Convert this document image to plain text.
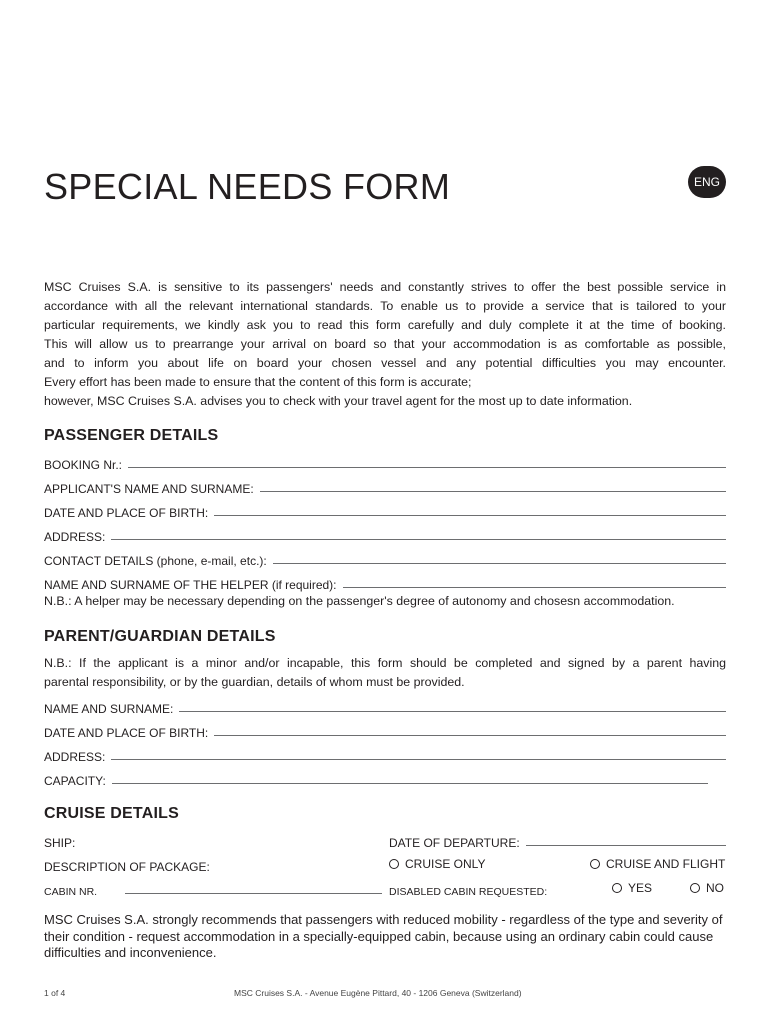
SPECIAL NEEDS FORM	ENG
MSC Cruises S.A. is sensitive to its passengers' needs and constantly strives to offer the best possible service in
accordance with all the relevant international standards. To enable us to provide a service that is tailored to your
particular requirements, we kindly ask you to read this form carefully and duly complete it at the time of booking.
This will allow us to prearrange your arrival on board so that your accommodation is as comfortable as possible,
and to inform you about life on board your chosen vessel and any potential difficulties you may encounter.
Every effort has been made to ensure that the content of this form is accurate;
however, MSC Cruises S.A. advises you to check with your travel agent for the most up to date information.
PASSENGER DETAILS
BOOKING Nr.:
APPLICANT'S NAME AND SURNAME:
DATE AND PLACE OF BIRTH:
ADDRESS:
CONTACT DETAILS (phone, e-mail, etc.):
NAME AND SURNAME OF THE HELPER (if required):

N.B.: A helper may be necessary depending on the passenger's degree of autonomy and chosesn accommodation.

PARENT/GUARDIAN DETAILS
N.B.: If the applicant is a minor and/or incapable, this form should be completed and signed by a parent having
parental responsibility, or by the guardian, details of whom must be provided.
NAME AND SURNAME:
DATE AND PLACE OF BIRTH:
ADDRESS:
CAPACITY:
CRUISE DETAILS
SHIP:	DATE OF DEPARTURE:
DESCRIPTION OF PACKAGE:	CRUISE ONLY	CRUISE AND FLIGHT
CABIN NR.	DISABLED CABIN REQUESTED:	YES	NO

MSC Cruises S.A. strongly recommends that passengers with reduced mobility - regardless of the type and severity of their condition - request accommodation in a specially-equipped cabin, because using an ordinary cabin could cause difficulties and inconvenience.

1 of 4	MSC Cruises S.A. - Avenue Eugène Pittard, 40 - 1206 Geneva (Switzerland)
